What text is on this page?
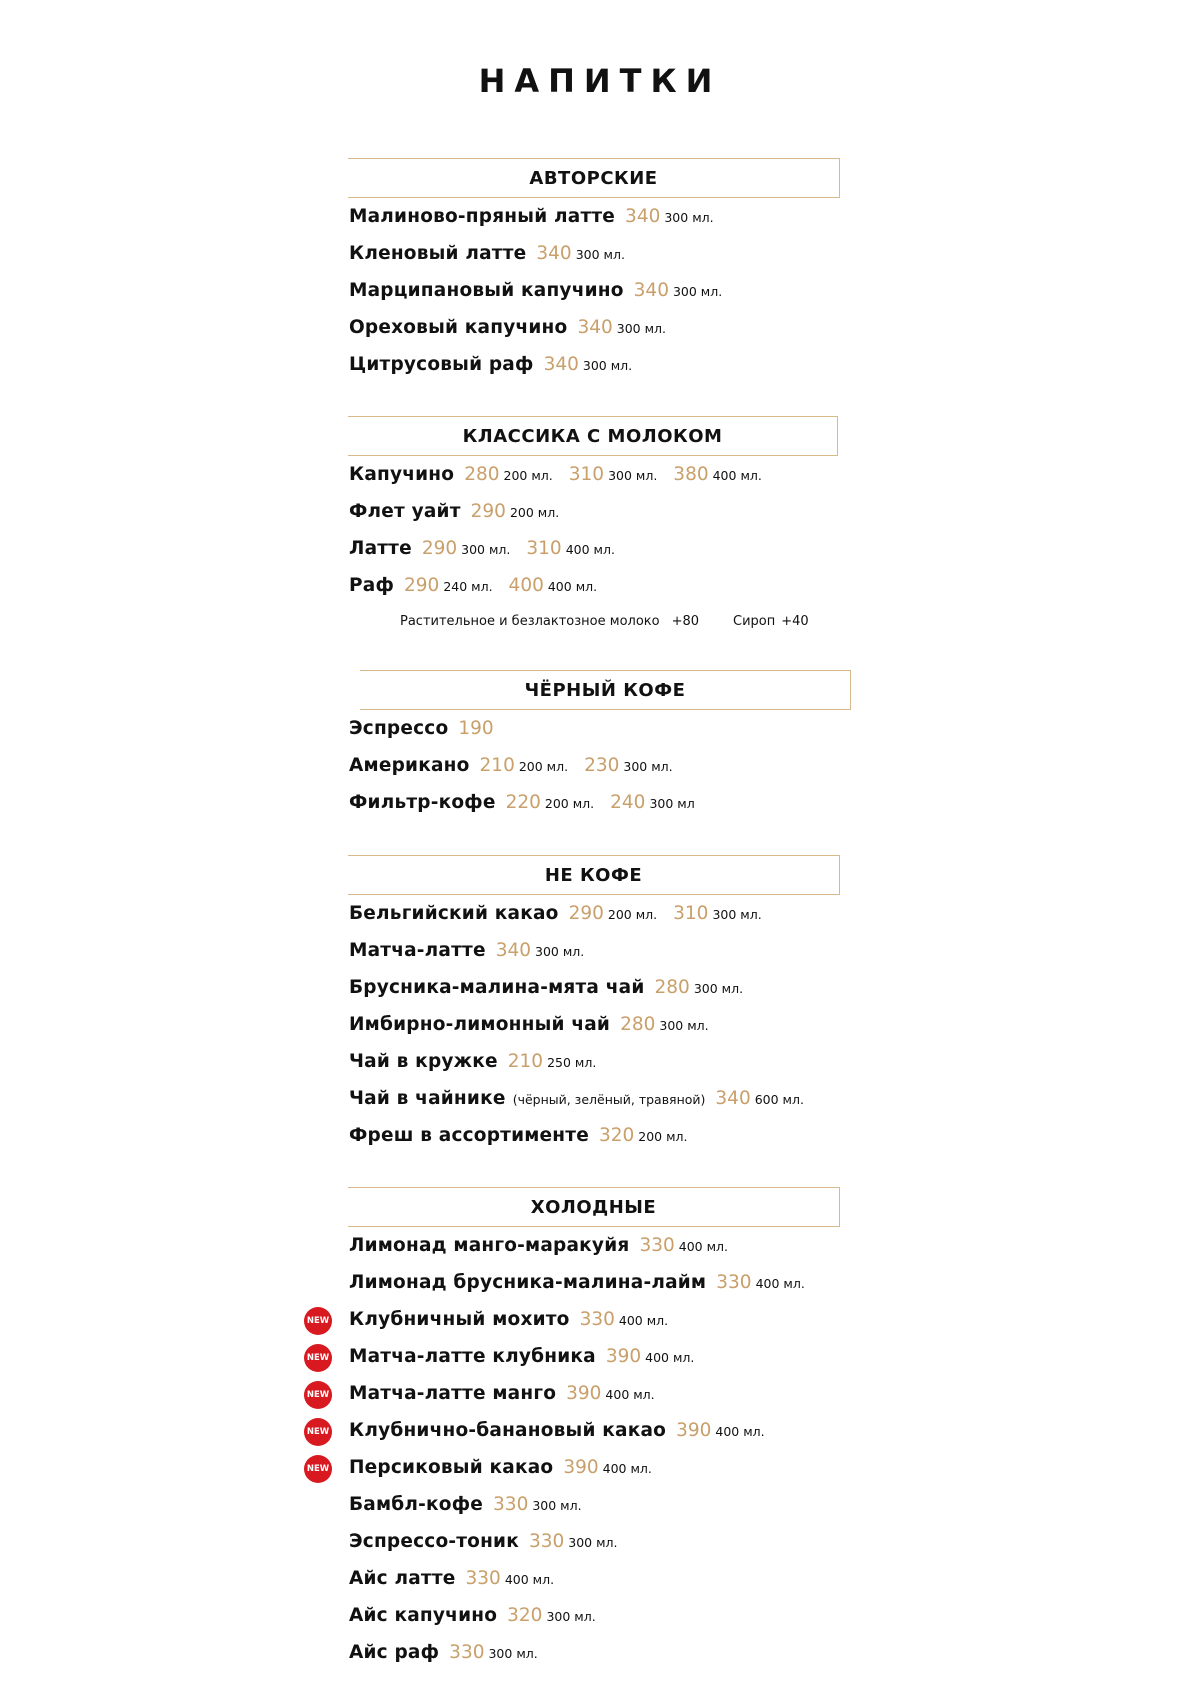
НАПИТКИ
АВТОРСКИЕ
Малиново-пряный латте 340 300 мл.
Кленовый латте 340 300 мл.
Марципановый капучино 340 300 мл.
Ореховый капучино 340 300 мл.
Цитрусовый раф 340 300 мл.
КЛАССИКА С МОЛОКОМ
Капучино 280 200 мл. 310 300 мл. 380 400 мл.
Флет уайт 290 200 мл.
Латте 290 300 мл. 310 400 мл.
Раф 290 240 мл. 400 400 мл.
Растительное и безлактозное молоко +80	Сироп +40
ЧЁРНЫЙ КОФЕ
Эспрессо 190
Американо 210 200 мл. 230 300 мл.
Фильтр-кофе 220 200 мл. 240 300 мл
НЕ КОФЕ
Бельгийский какао 290 200 мл. 310 300 мл.
Матча-латте 340 300 мл.
Брусника-малина-мята чай 280 300 мл.
Имбирно-лимонный чай 280 300 мл.
Чай в кружке 210 250 мл.
Чай в чайнике (чёрный, зелёный, травяной) 340 600 мл.
Фреш в ассортименте 320 200 мл.
ХОЛОДНЫЕ
Лимонад манго-маракуйя 330 400 мл.
Лимонад брусника-малина-лайм 330 400 мл.
NEW Клубничный мохито 330 400 мл.
NEW Матча-латте клубника 390 400 мл.
NEW Матча-латте манго 390 400 мл.
NEW Клубнично-банановый какао 390 400 мл.
NEW Персиковый какао 390 400 мл.
Бамбл-кофе 330 300 мл.
Эспрессо-тоник 330 300 мл.
Айс латте 330 400 мл.
Айс капучино 320 300 мл.
Айс раф 330 300 мл.
